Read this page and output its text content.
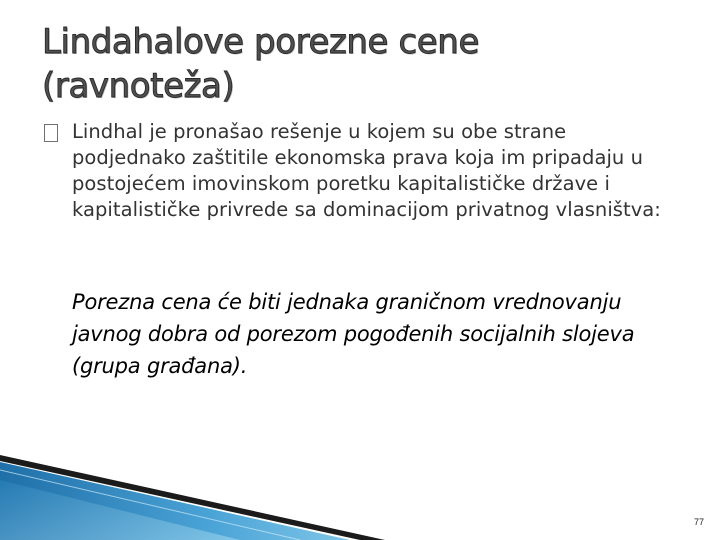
Lindahalove porezne cene
(ravnoteža)

Lindhal je pronašao rešenje u kojem su obe strane podjednako zaštitile ekonomska prava koja im pripadaju u postojećem imovinskom poretku kapitalističke države i kapitalističke privrede sa dominacijom privatnog vlasništva:

Porezna cena će biti jednaka graničnom vrednovanju javnog dobra od porezom pogođenih socijalnih slojeva (grupa građana).

77
